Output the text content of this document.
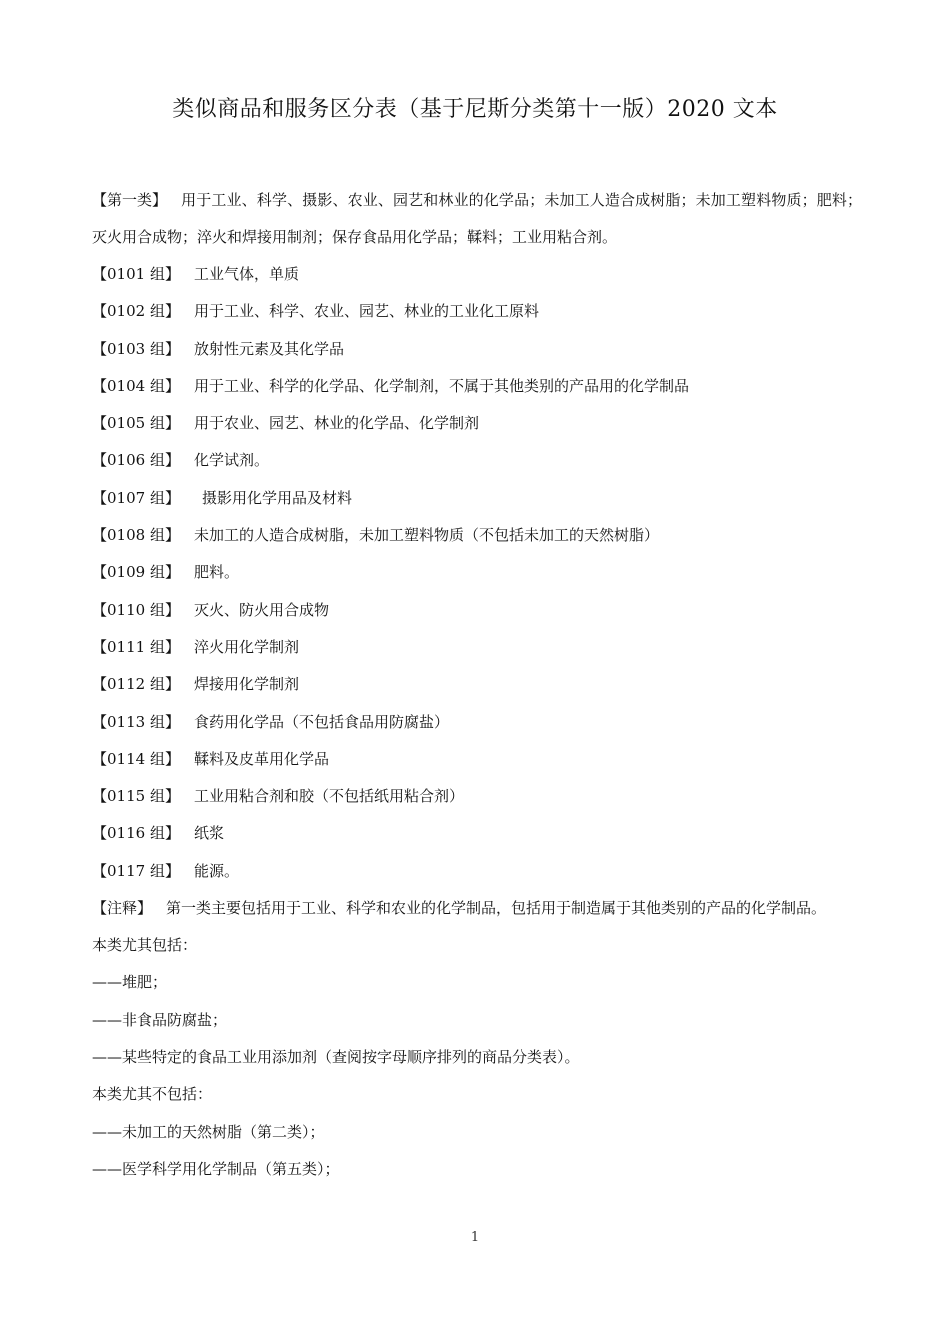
类似商品和服务区分表（基于尼斯分类第十一版）2020 文本

【第一类】 用于工业、科学、摄影、农业、园艺和林业的化学品；未加工人造合成树脂；未加工塑料物质；肥料；灭火用合成物；淬火和焊接用制剂；保存食品用化学品；鞣料；工业用粘合剂。

【0101 组】 工业气体，单质
【0102 组】 用于工业、科学、农业、园艺、林业的工业化工原料
【0103 组】 放射性元素及其化学品
【0104 组】 用于工业、科学的化学品、化学制剂，不属于其他类别的产品用的化学制品
【0105 组】 用于农业、园艺、林业的化学品、化学制剂
【0106 组】 化学试剂。
【0107 组】 摄影用化学用品及材料
【0108 组】 未加工的人造合成树脂，未加工塑料物质（不包括未加工的天然树脂）
【0109 组】 肥料。
【0110 组】 灭火、防火用合成物
【0111 组】 淬火用化学制剂
【0112 组】 焊接用化学制剂
【0113 组】 食药用化学品（不包括食品用防腐盐）
【0114 组】 鞣料及皮革用化学品
【0115 组】 工业用粘合剂和胶（不包括纸用粘合剂）
【0116 组】 纸浆
【0117 组】 能源。

【注释】 第一类主要包括用于工业、科学和农业的化学制品，包括用于制造属于其他类别的产品的化学制品。

本类尤其包括：
——堆肥；
——非食品防腐盐；
——某些特定的食品工业用添加剂（查阅按字母顺序排列的商品分类表）。
本类尤其不包括：
——未加工的天然树脂（第二类）；
——医学科学用化学制品（第五类）；
1
